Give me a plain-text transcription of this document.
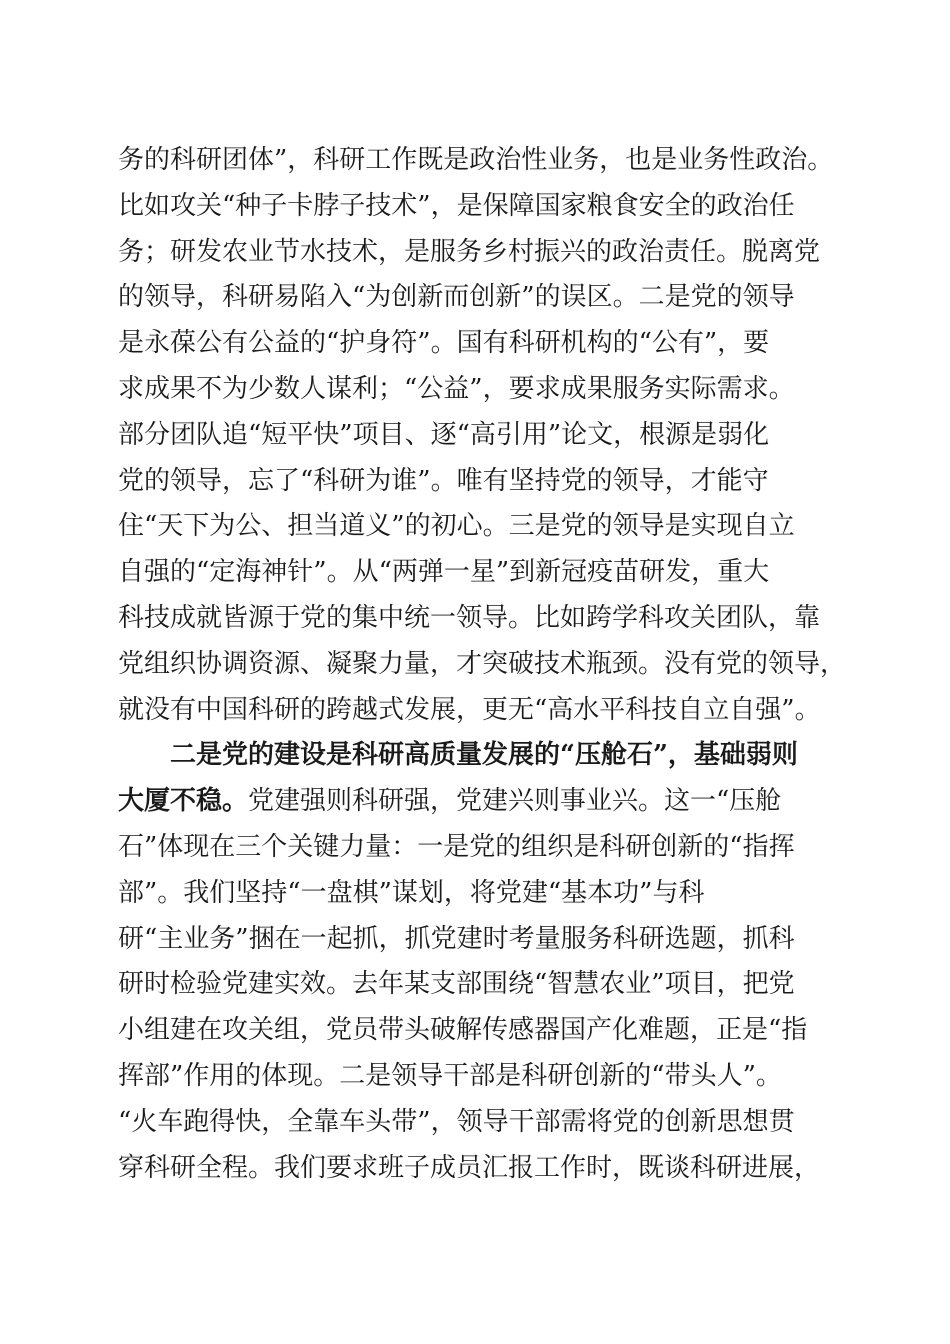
务的科研团体”，科研工作既是政治性业务，也是业务性政治。
比如攻关“种子卡脖子技术”，是保障国家粮食安全的政治任
务；研发农业节水技术，是服务乡村振兴的政治责任。脱离党
的领导，科研易陷入“为创新而创新”的误区。二是党的领导
是永葆公有公益的“护身符”。国有科研机构的“公有”，要
求成果不为少数人谋利；“公益”，要求成果服务实际需求。
部分团队追“短平快”项目、逐“高引用”论文，根源是弱化
党的领导，忘了“科研为谁”。唯有坚持党的领导，才能守
住“天下为公、担当道义”的初心。三是党的领导是实现自立
自强的“定海神针”。从“两弹一星”到新冠疫苗研发，重大
科技成就皆源于党的集中统一领导。比如跨学科攻关团队，靠
党组织协调资源、凝聚力量，才突破技术瓶颈。没有党的领导，
就没有中国科研的跨越式发展，更无“高水平科技自立自强”。
二是党的建设是科研高质量发展的“压舱石”，基础弱则
大厦不稳。党建强则科研强，党建兴则事业兴。这一“压舱
石”体现在三个关键力量：一是党的组织是科研创新的“指挥
部”。我们坚持“一盘棋”谋划，将党建“基本功”与科
研“主业务”捆在一起抓，抓党建时考量服务科研选题，抓科
研时检验党建实效。去年某支部围绕“智慧农业”项目，把党
小组建在攻关组，党员带头破解传感器国产化难题，正是“指
挥部”作用的体现。二是领导干部是科研创新的“带头人”。
“火车跑得快，全靠车头带”，领导干部需将党的创新思想贯
穿科研全程。我们要求班子成员汇报工作时，既谈科研进展，
